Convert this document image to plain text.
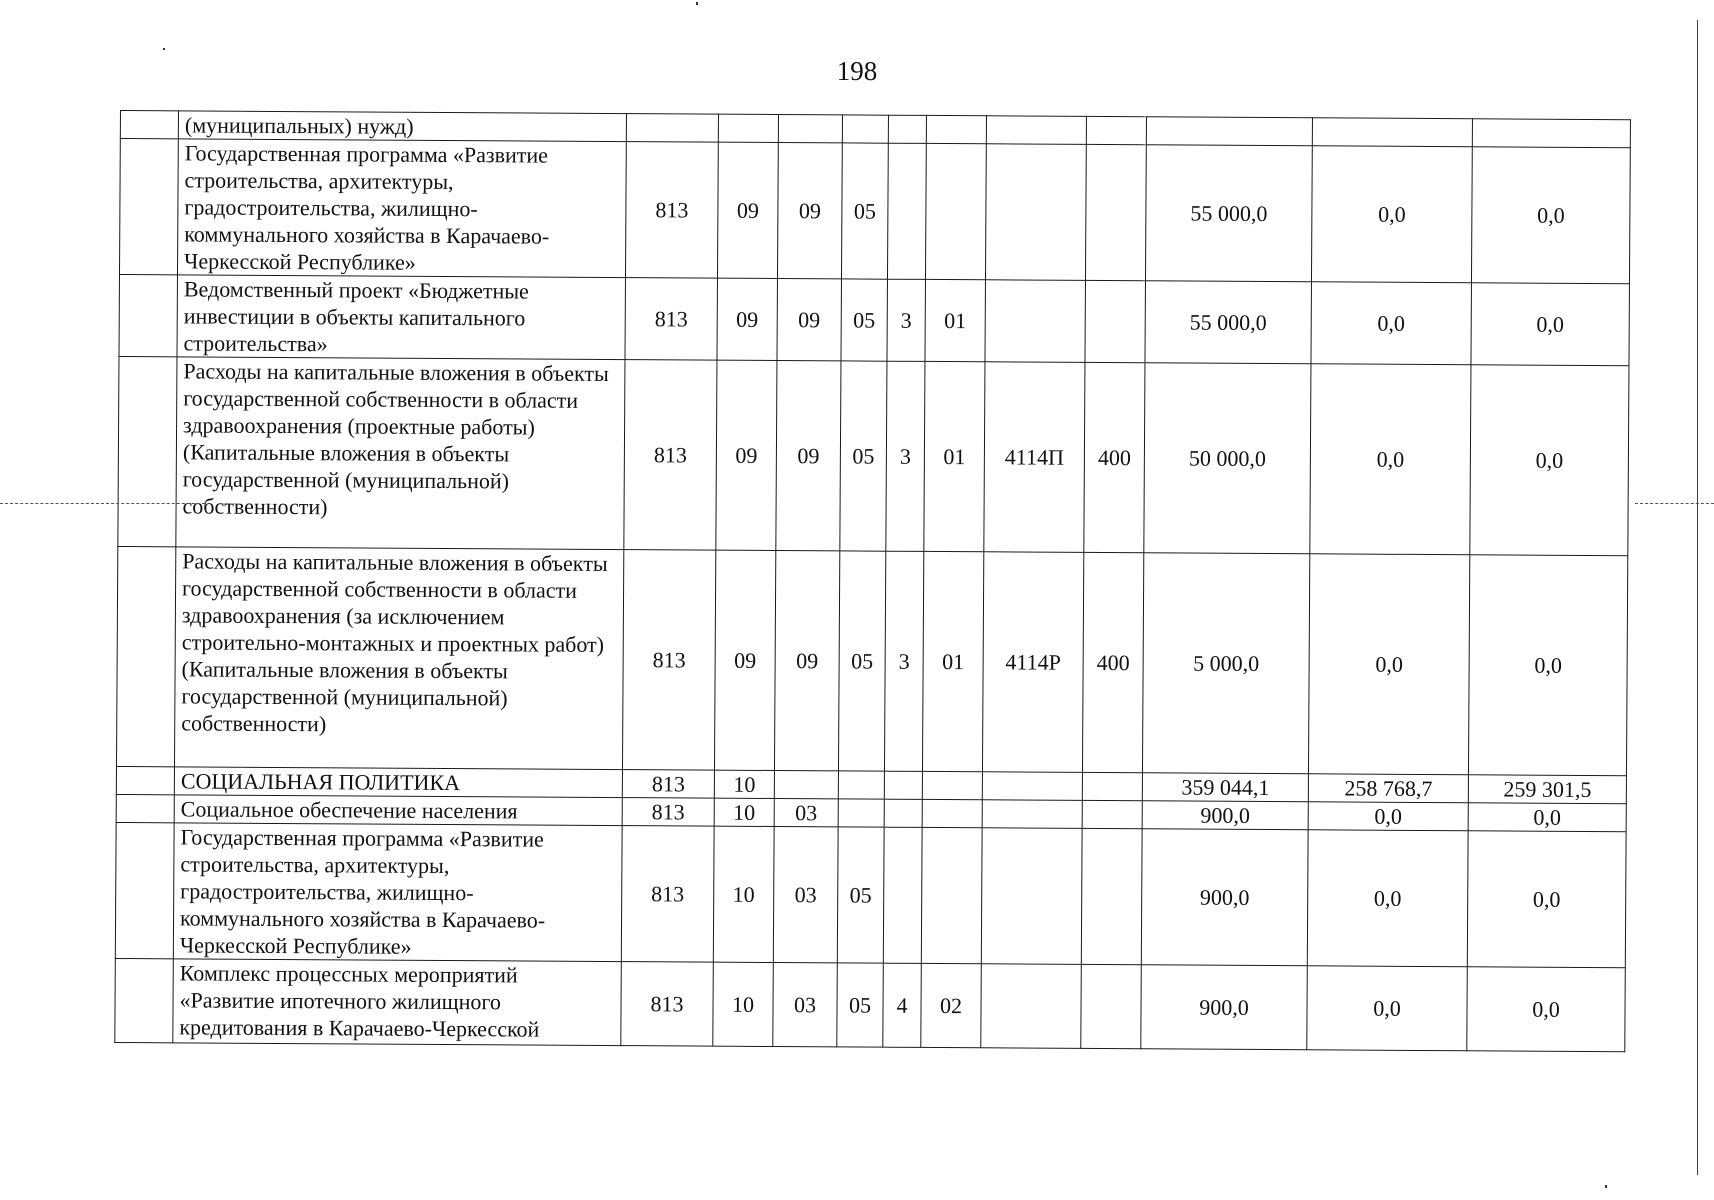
198
	(муниципальных) нужд)											
	Государственная программа «Развитие строительства, архитектуры, градостроительства, жилищно-коммунального хозяйства в Карачаево-Черкесской Республике»	813	09	09	05					55 000,0	0,0	0,0
	Ведомственный проект «Бюджетные инвестиции в объекты капитального строительства»	813	09	09	05	3	01			55 000,0	0,0	0,0
	Расходы на капитальные вложения в объекты государственной собственности в области здравоохранения (проектные работы) (Капитальные вложения в объекты государственной (муниципальной) собственности)	813	09	09	05	3	01	4114П	400	50 000,0	0,0	0,0
	Расходы на капитальные вложения в объекты государственной собственности в области здравоохранения (за исключением строительно-монтажных и проектных работ) (Капитальные вложения в объекты государственной (муниципальной) собственности)	813	09	09	05	3	01	4114Р	400	5 000,0	0,0	0,0
	СОЦИАЛЬНАЯ ПОЛИТИКА	813	10							359 044,1	258 768,7	259 301,5
	Социальное обеспечение населения	813	10	03						900,0	0,0	0,0
	Государственная программа «Развитие строительства, архитектуры, градостроительства, жилищно-коммунального хозяйства в Карачаево-Черкесской Республике»	813	10	03	05					900,0	0,0	0,0
	Комплекс процессных мероприятий «Развитие ипотечного жилищного кредитования в Карачаево-Черкесской	813	10	03	05	4	02			900,0	0,0	0,0
